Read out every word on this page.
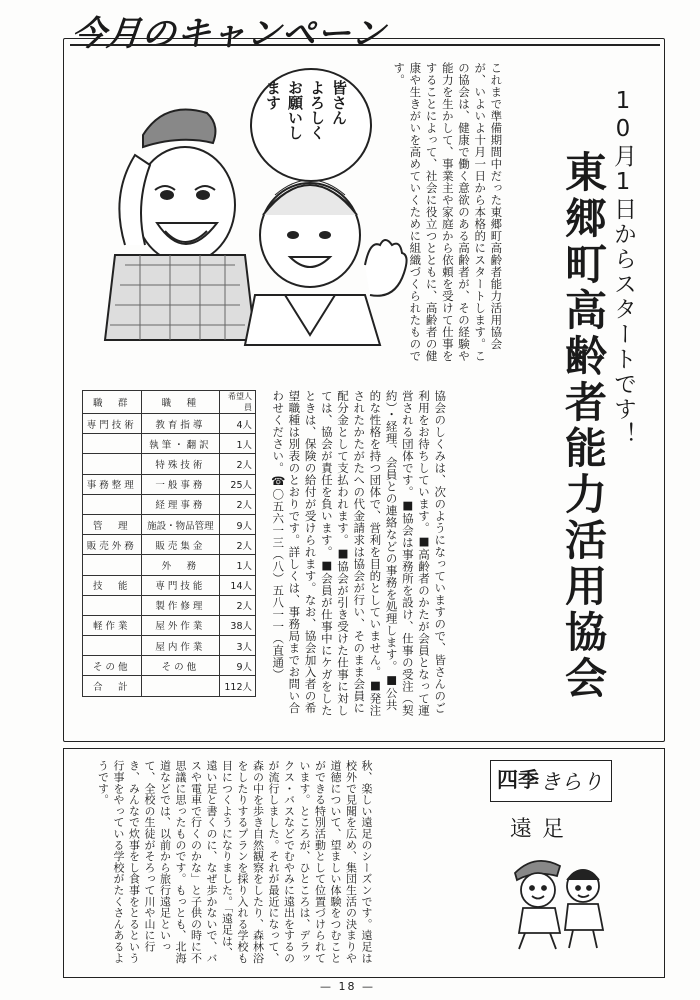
今月のキャンペーン
皆さん
よろしく
お願いし
ます	10月1日からスタートです！
東郷町高齢者能力活用協会
これまで準備期間中だった東郷町高齢者能力活用協会が、いよいよ十月一日から本格的にスタートします。この協会は、健康で働く意欲のある高齢者が、その経験や能力を生かして、事業主や家庭から依頼を受けて仕事をすることによって、社会に役立つとともに、高齢者の健康や生きがいを高めていくために組織づくられたものです。
協会のしくみは、次のようになっていますので、皆さんのご利用をお待ちしています。■高齢者のかたが会員となって運営される団体です。■協会は事務所を設け、仕事の受注（契約）・経理、会員との連絡などの事務を処理します。■公共的な性格を持つ団体で、営利を目的としていません。■発注されたかたがたへの代金請求は協会が行い、そのまま会員に配分金として支払われます。■協会が引き受けた仕事に対しては、協会が責任を負います。■会員が仕事中にケガをしたときは、保険の給付が受けられます。なお、協会加入者の希望職種は別表のとおりです。詳しくは、事務局までお問い合わせください。☎〇五六一三（八）五八一一（直通）
職　群	職　種	希望人員
専門技術	教育指導	4人
	執筆・翻訳	1人
	特殊技術	2人
事務整理	一般事務	25人
	経理事務	2人
管　理	施設・物品管理	9人
販売外務	販売集金	2人
	外　務	1人
技　能	専門技能	14人
	製作修理	2人
軽作業	屋外作業	38人
	屋内作業	3人
その他	その他	9人
合　計		112人
四季 きらり
遠足
秋、楽しい遠足のシーズンです。遠足は校外で見聞を広め、集団生活の決まりや道徳について、望ましい体験をつむことができる特別活動として位置づけられています。ところが、ひところは、デラックス・バスなどでむやみに遠出をするのが流行しました。それが最近になって、森の中を歩き自然観察をしたり、森林浴をしたりするプランを採り入れる学校も目につくようになりました。「遠足は、遠い足と書くのに、なぜ歩かないで、バスや電車で行くのかな」と子供の時に不思議に思ったものです。もっとも、北海道などでは、以前から旅行遠足といって、全校の生徒がそろって川や山に行き、みんなで炊事をし食事をとるという行事をやっている学校がたくさんあるようです。
— 18 —
